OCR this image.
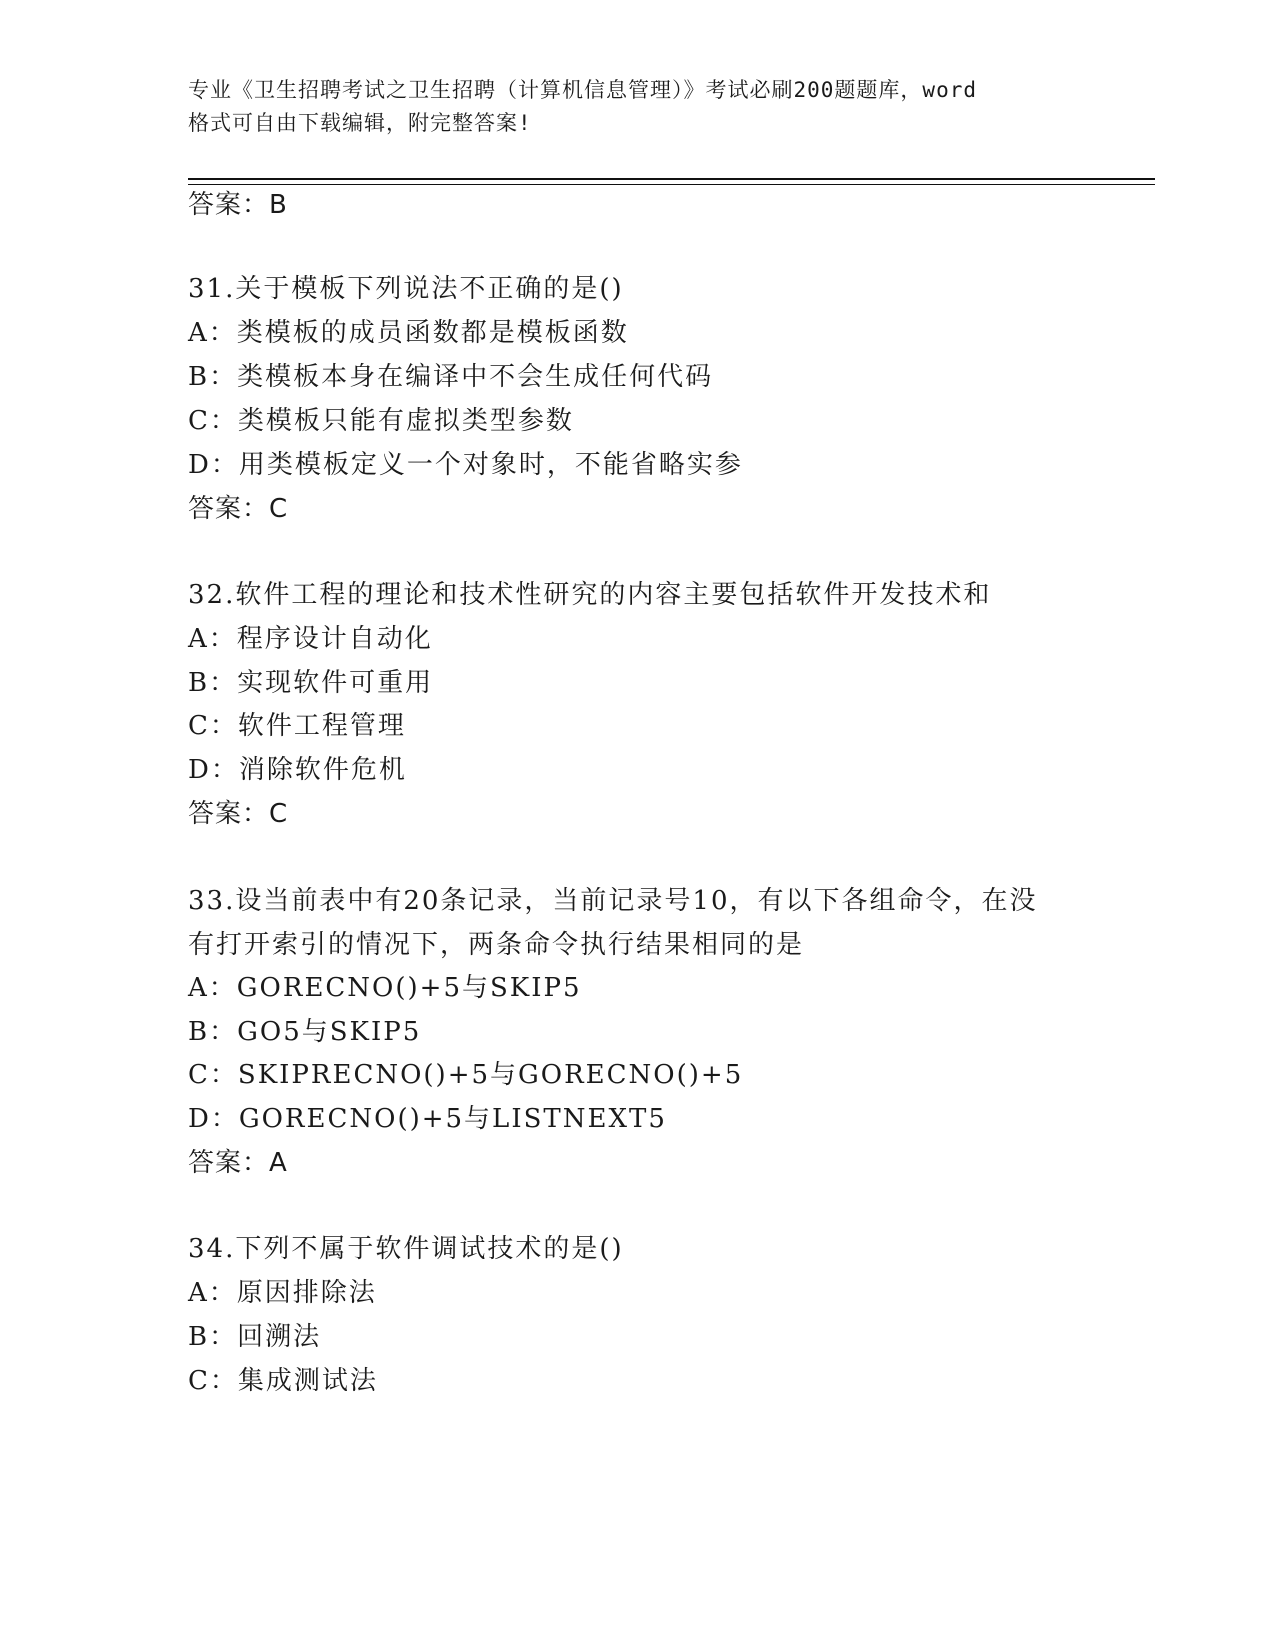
专业《卫生招聘考试之卫生招聘（计算机信息管理）》考试必刷200题题库，word
格式可自由下载编辑，附完整答案!
答案：B
31.关于模板下列说法不正确的是()
A：类模板的成员函数都是模板函数
B：类模板本身在编译中不会生成任何代码
C：类模板只能有虚拟类型参数
D：用类模板定义一个对象时，不能省略实参
答案：C
32.软件工程的理论和技术性研究的内容主要包括软件开发技术和
A：程序设计自动化
B：实现软件可重用
C：软件工程管理
D：消除软件危机
答案：C
33.设当前表中有20条记录，当前记录号10，有以下各组命令，在没
有打开索引的情况下，两条命令执行结果相同的是
A：GORECNO()+5与SKIP5
B：GO5与SKIP5
C：SKIPRECNO()+5与GORECNO()+5
D：GORECNO()+5与LISTNEXT5
答案：A
34.下列不属于软件调试技术的是()
A：原因排除法
B：回溯法
C：集成测试法
